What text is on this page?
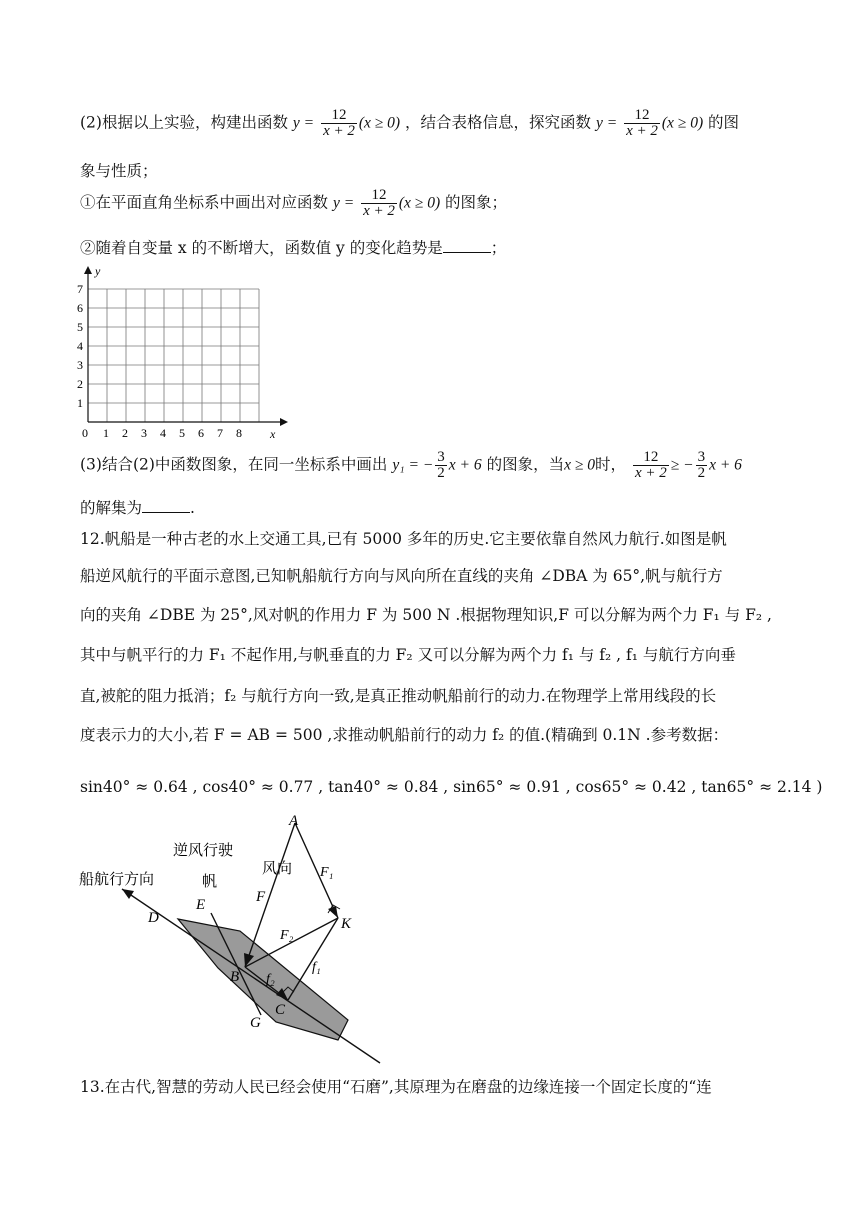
(2)根据以上实验，构建出函数 $y = \frac{12}{x + 2} (x \ge 0)$ ，结合表格信息，探究函数 $y = \frac{12}{x + 2} (x \ge 0)$ 的图
象与性质；
①在平面直角坐标系中画出对应函数 $y = \frac{12}{x + 2} (x \ge 0)$ 的图象；
②随着自变量 x 的不断增大，函数值 y 的变化趋势是	；
y
x
1
2
3
4
5
6
7
0 1 2 3 4 5 6 7 8
(3)结合(2)中函数图象，在同一坐标系中画出 y₁ = − $\frac{3}{2}$ x + 6 的图象，当x ≥ 0时， $\frac{12}{x + 2}$ ≥ − $\frac{3}{2}$ x + 6
的解集为	.
12.帆船是一种古老的水上交通工具,已有 5000 多年的历史.它主要依靠自然风力航行.如图是帆
船逆风航行的平面示意图,已知帆船航行方向与风向所在直线的夹角 ∠DBA 为 65°,帆与航行方
向的夹角 ∠DBE 为 25°,风对帆的作用力 F 为 500 N .根据物理知识,F 可以分解为两个力 F₁ 与 F₂ ,
其中与帆平行的力 F₁ 不起作用,与帆垂直的力 F₂ 又可以分解为两个力 f₁ 与 f₂ , f₁ 与航行方向垂
直,被舵的阻力抵消；f₂ 与航行方向一致,是真正推动帆船前行的动力.在物理学上常用线段的长
度表示力的大小,若 F = AB = 500 ,求推动帆船前行的动力 f₂ 的值.(精确到 0.1N .参考数据：
sin40° ≈ 0.64 , cos40° ≈ 0.77 , tan40° ≈ 0.84 , sin65° ≈ 0.91 , cos65° ≈ 0.42 , tan65° ≈ 2.14 )
逆风行驶
船航行方向	帆
风向
A
B
C
D
E
G
K
F
F₁
F₂
f₁
f₂
13.在古代,智慧的劳动人民已经会使用“石磨”,其原理为在磨盘的边缘连接一个固定长度的“连
